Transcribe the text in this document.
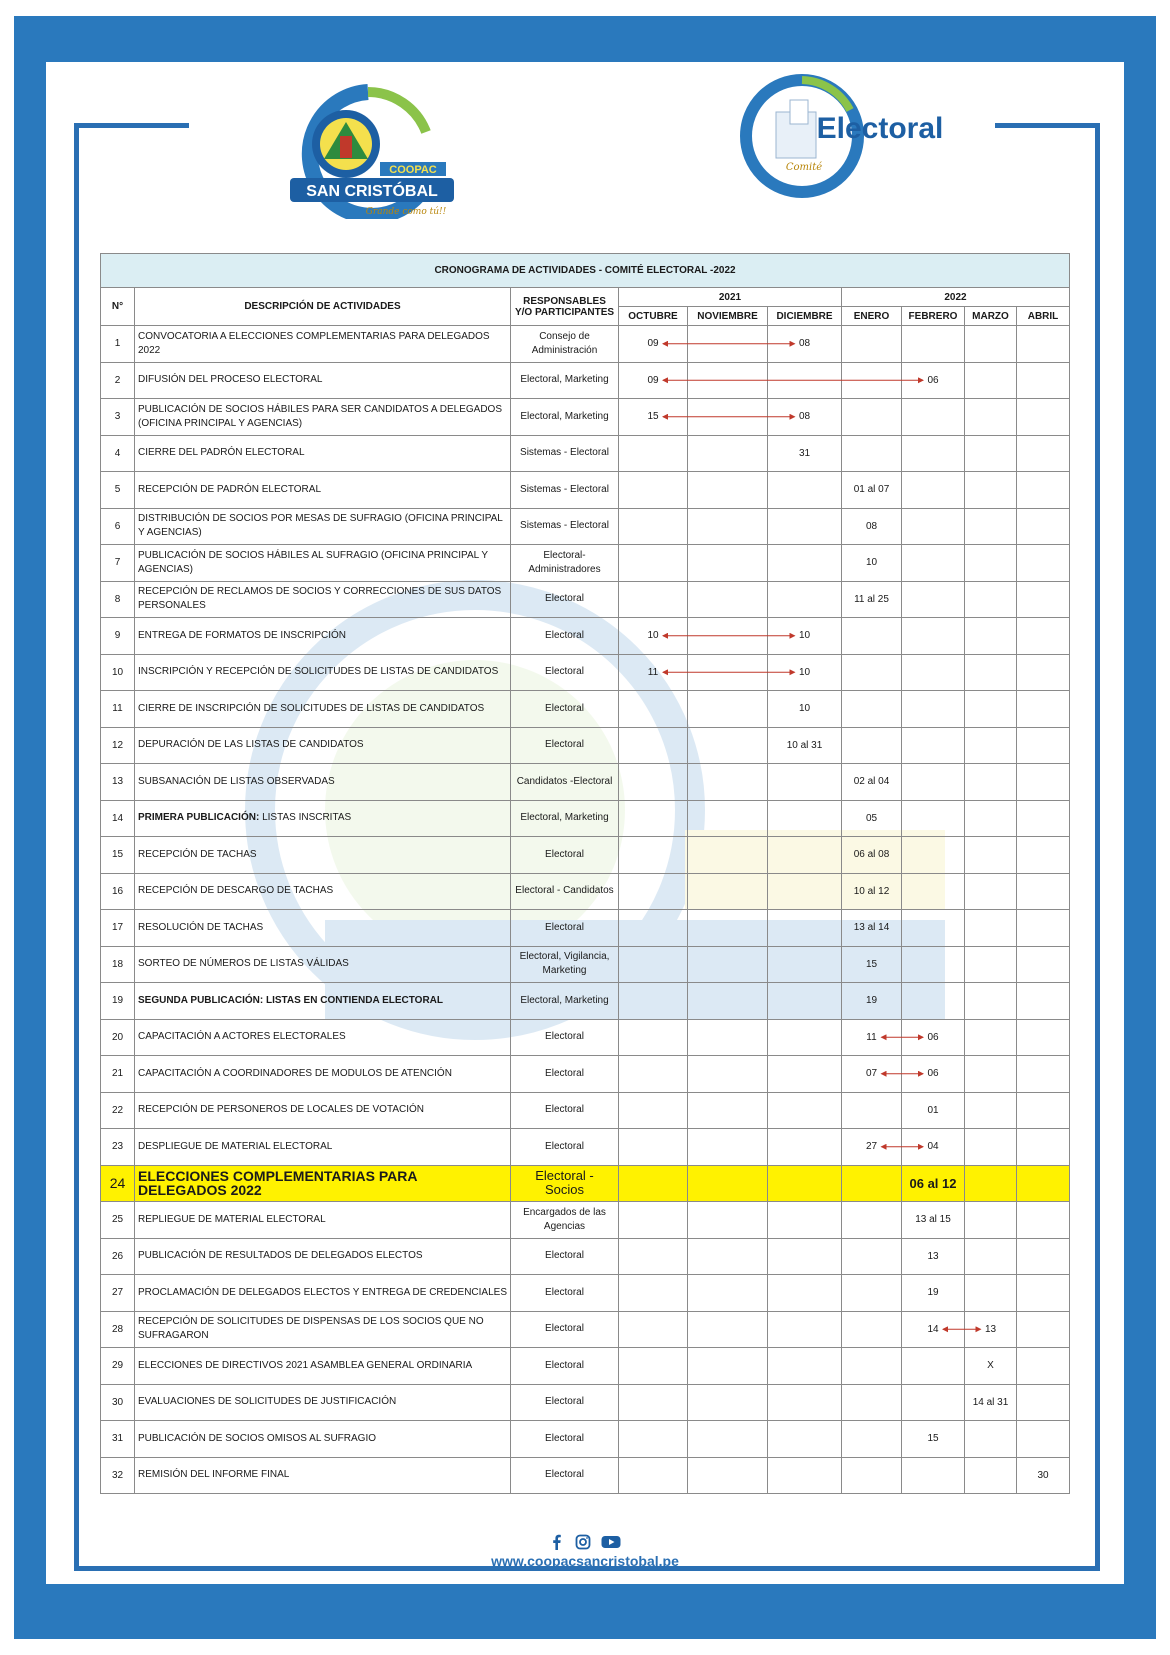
COOPAC
SAN CRISTÓBAL
Grande como tú!!
Electoral
Comité
CRONOGRAMA DE ACTIVIDADES - COMITÉ ELECTORAL -2022									
N°	DESCRIPCIÓN DE ACTIVIDADES	RESPONSABLES Y/O PARTICIPANTES	2021			2022			
			OCTUBRE	NOVIEMBRE	DICIEMBRE	ENERO	FEBRERO	MARZO	ABRIL
1	CONVOCATORIA A ELECCIONES COMPLEMENTARIAS PARA DELEGADOS 2022	Consejo de Administración	09		08				
2	DIFUSIÓN DEL PROCESO ELECTORAL	Electoral, Marketing	09				06		
3	PUBLICACIÓN DE SOCIOS HÁBILES PARA SER CANDIDATOS A DELEGADOS (OFICINA PRINCIPAL Y AGENCIAS)	Electoral, Marketing	15		08				
4	CIERRE DEL PADRÓN ELECTORAL	Sistemas - Electoral			31				
5	RECEPCIÓN DE PADRÓN ELECTORAL	Sistemas - Electoral				01 al 07			
6	DISTRIBUCIÓN DE SOCIOS POR MESAS DE SUFRAGIO (OFICINA PRINCIPAL Y AGENCIAS)	Sistemas - Electoral				08			
7	PUBLICACIÓN DE SOCIOS HÁBILES AL SUFRAGIO (OFICINA PRINCIPAL Y AGENCIAS)	Electoral-Administradores				10			
8	RECEPCIÓN DE RECLAMOS DE SOCIOS Y CORRECCIONES DE SUS DATOS PERSONALES	Electoral				11 al 25			
9	ENTREGA DE FORMATOS DE INSCRIPCIÓN	Electoral	10		10				
10	INSCRIPCIÓN Y RECEPCIÓN DE SOLICITUDES DE LISTAS DE CANDIDATOS	Electoral	11		10				
11	CIERRE DE INSCRIPCIÓN DE SOLICITUDES DE LISTAS DE CANDIDATOS	Electoral			10				
12	DEPURACIÓN DE LAS LISTAS DE CANDIDATOS	Electoral			10 al 31				
13	SUBSANACIÓN DE LISTAS OBSERVADAS	Candidatos -Electoral				02 al 04			
14	PRIMERA PUBLICACIÓN: LISTAS INSCRITAS	Electoral, Marketing				05			
15	RECEPCIÓN DE TACHAS	Electoral				06 al 08			
16	RECEPCIÓN DE DESCARGO DE TACHAS	Electoral - Candidatos				10 al 12			
17	RESOLUCIÓN DE TACHAS	Electoral				13 al 14			
18	SORTEO DE NÚMEROS DE LISTAS VÁLIDAS	Electoral, Vigilancia, Marketing				15			
19	SEGUNDA PUBLICACIÓN: LISTAS EN CONTIENDA ELECTORAL	Electoral, Marketing				19			
20	CAPACITACIÓN A ACTORES ELECTORALES	Electoral				11	06		
21	CAPACITACIÓN A COORDINADORES DE MODULOS DE ATENCIÓN	Electoral				07	06		
22	RECEPCIÓN DE PERSONEROS DE LOCALES DE VOTACIÓN	Electoral					01		
23	DESPLIEGUE DE MATERIAL ELECTORAL	Electoral				27	04		
24	ELECCIONES COMPLEMENTARIAS PARA DELEGADOS 2022	Electoral - Socios					06 al 12		
25	REPLIEGUE DE MATERIAL ELECTORAL	Encargados de las Agencias					13 al 15		
26	PUBLICACIÓN DE RESULTADOS DE DELEGADOS ELECTOS	Electoral					13		
27	PROCLAMACIÓN DE DELEGADOS ELECTOS Y ENTREGA DE CREDENCIALES	Electoral					19		
28	RECEPCIÓN DE SOLICITUDES DE DISPENSAS DE LOS SOCIOS QUE NO SUFRAGARON	Electoral					14	13	
29	ELECCIONES DE DIRECTIVOS 2021 ASAMBLEA GENERAL ORDINARIA	Electoral						X	
30	EVALUACIONES DE SOLICITUDES DE JUSTIFICACIÓN	Electoral						14 al 31	
31	PUBLICACIÓN DE SOCIOS OMISOS AL SUFRAGIO	Electoral					15		
32	REMISIÓN DEL INFORME FINAL	Electoral							30
www.coopacsancristobal.pe
